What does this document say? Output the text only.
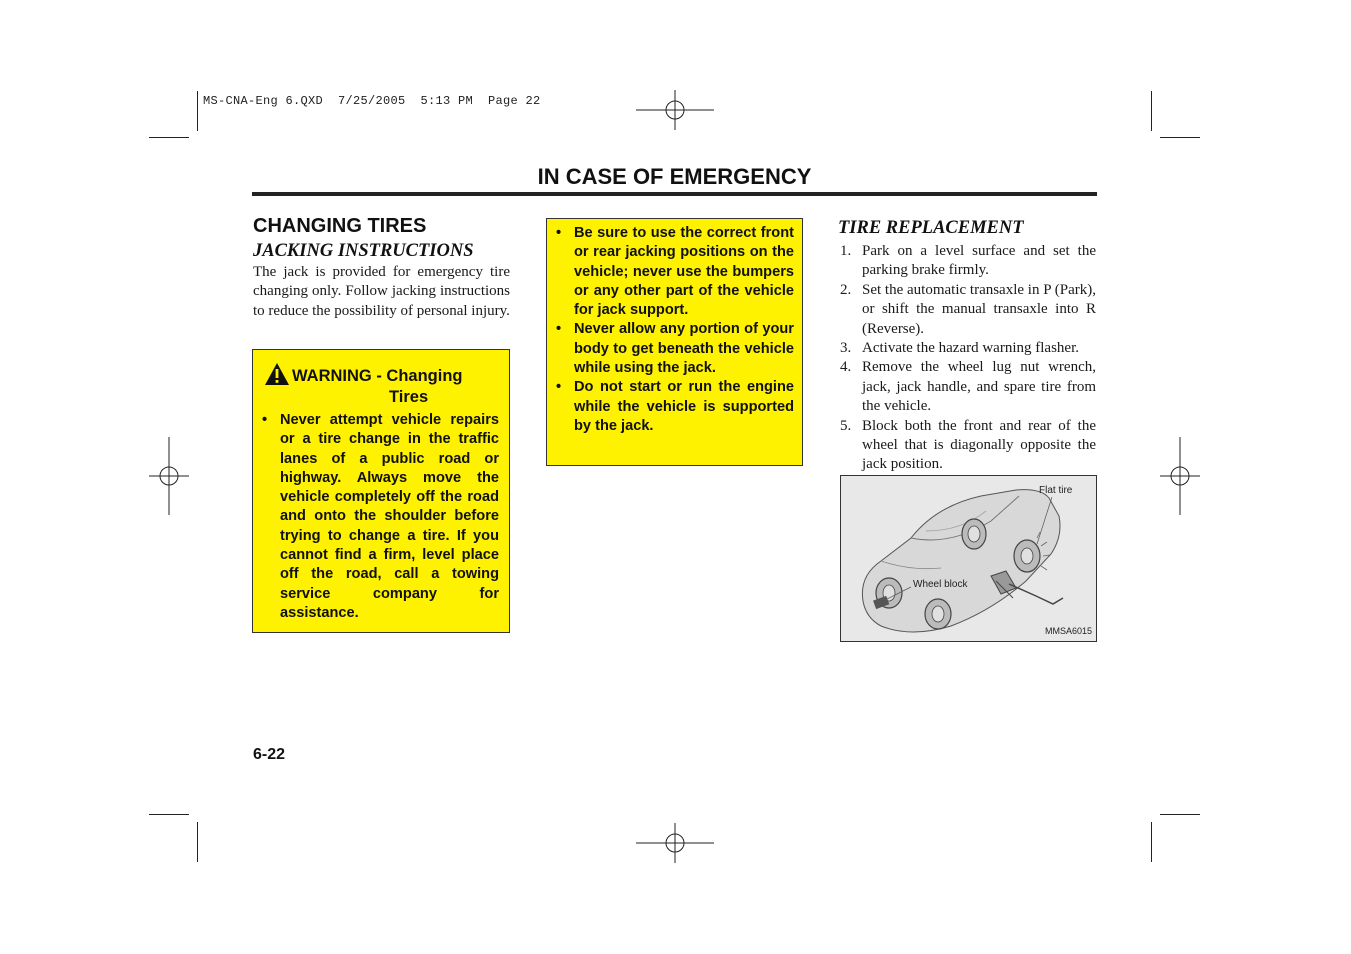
MS-CNA-Eng 6.QXD  7/25/2005  5:13 PM  Page 22
IN CASE OF EMERGENCY
CHANGING TIRES
JACKING INSTRUCTIONS

The jack is provided for emergency tire changing only. Follow jacking instructions to reduce the possibility of personal injury.

WARNING - Changing
Tires
• Never attempt vehicle repairs or a tire change in the traffic lanes of a public road or highway. Always move the vehicle completely off the road and onto the shoulder before trying to change a tire. If you cannot find a firm, level place off the road, call a towing service company for assistance.
• Be sure to use the correct front or rear jacking positions on the vehicle; never use the bumpers or any other part of the vehicle for jack support.
• Never allow any portion of your body to get beneath the vehicle while using the jack.
• Do not start or run the engine while the vehicle is supported by the jack.
TIRE REPLACEMENT
1. Park on a level surface and set the parking brake firmly.
2. Set the automatic transaxle in P (Park), or shift the manual transaxle into R (Reverse).
3. Activate the hazard warning flasher.
4. Remove the wheel lug nut wrench, jack, jack handle, and spare tire from the vehicle.
5. Block both the front and rear of the wheel that is diagonally opposite the jack position.
Flat tire
Wheel block
MMSA6015
6-22
